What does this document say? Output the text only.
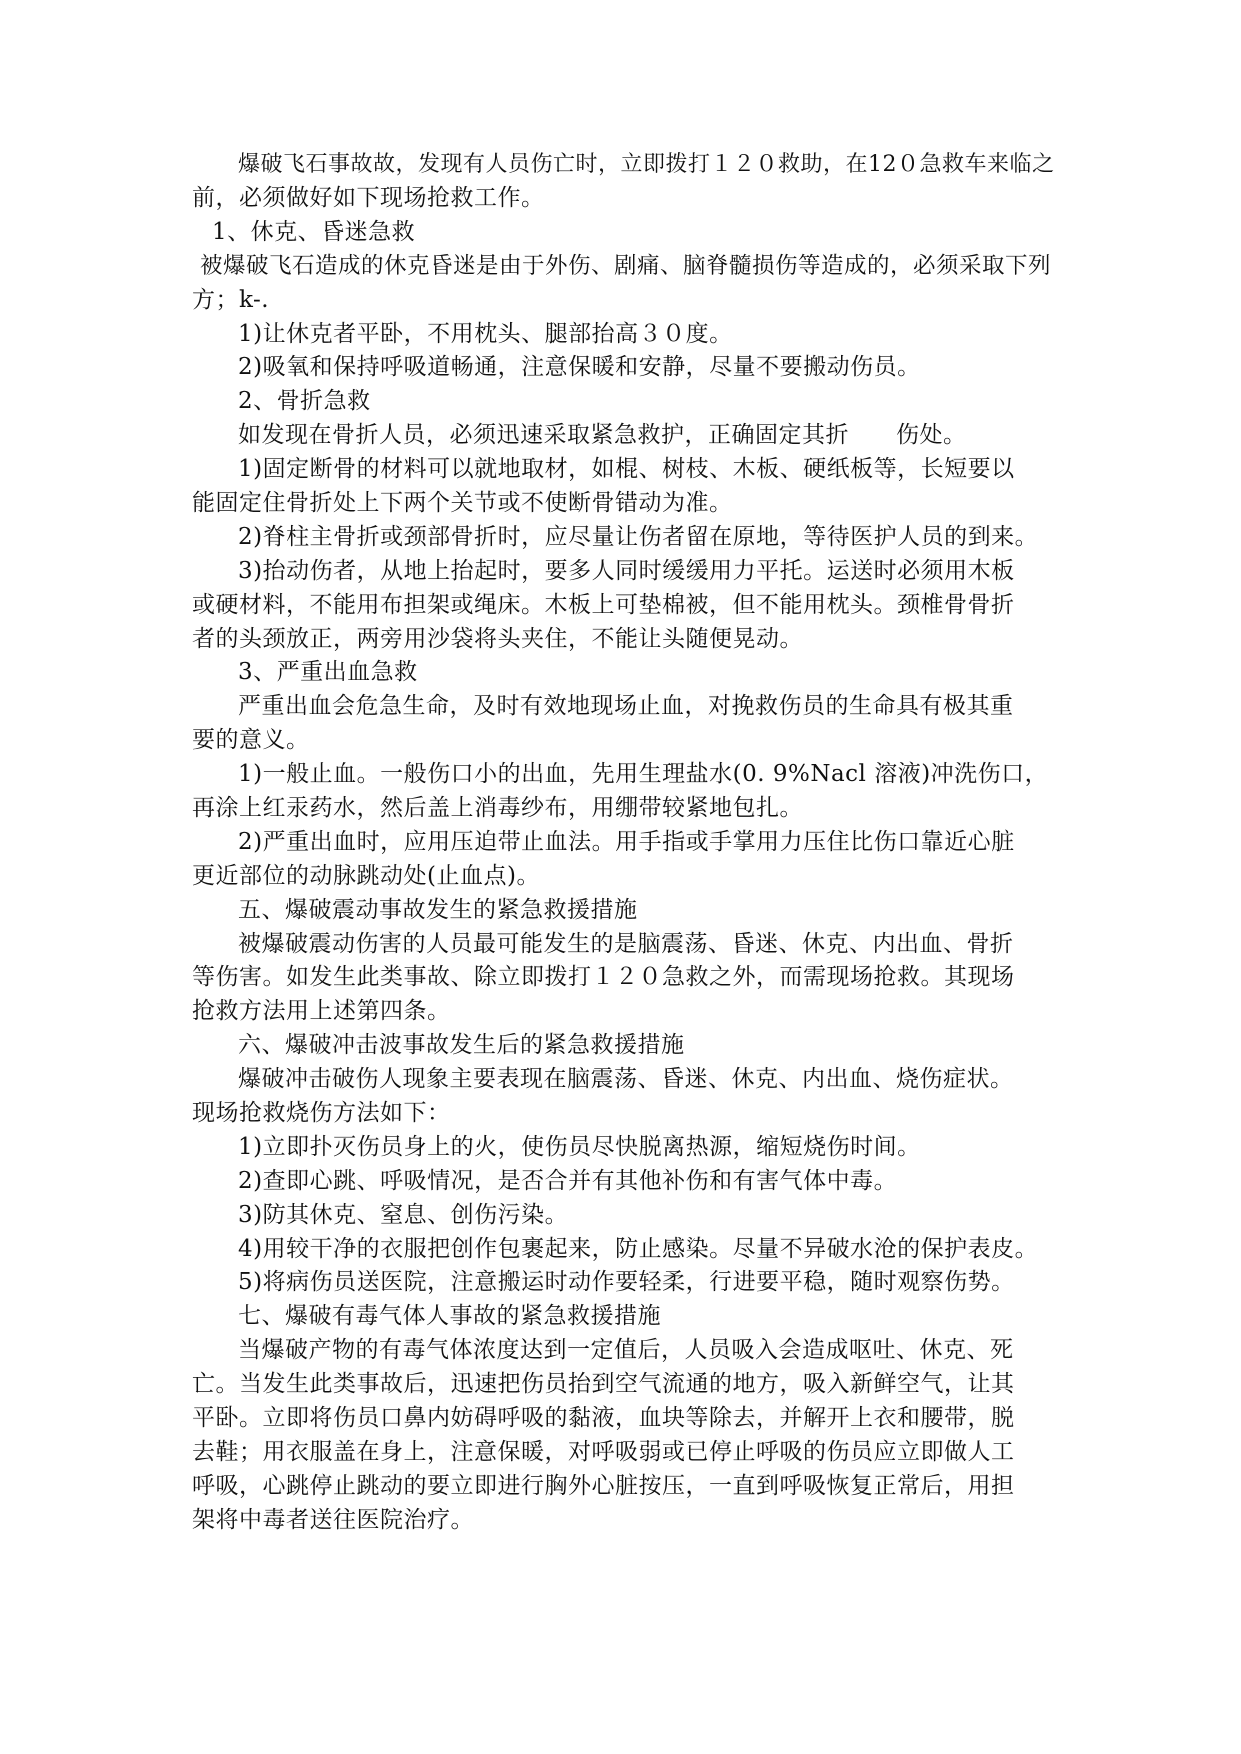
爆破飞石事故故，发现有人员伤亡时，立即拨打１２０救助，在12０急救车来临之
前，必须做好如下现场抢救工作。
1、休克、昏迷急救
被爆破飞石造成的休克昏迷是由于外伤、剧痛、脑脊髓损伤等造成的，必须采取下列
方；k-.
1)让休克者平卧，不用枕头、腿部抬高３０度。
2)吸氧和保持呼吸道畅通，注意保暖和安静，尽量不要搬动伤员。
2、骨折急救
如发现在骨折人员，必须迅速采取紧急救护，正确固定其折　　伤处。
1)固定断骨的材料可以就地取材，如棍、树枝、木板、硬纸板等，长短要以
能固定住骨折处上下两个关节或不使断骨错动为准。
2)脊柱主骨折或颈部骨折时，应尽量让伤者留在原地，等待医护人员的到来。
3)抬动伤者，从地上抬起时，要多人同时缓缓用力平托。运送时必须用木板
或硬材料，不能用布担架或绳床。木板上可垫棉被，但不能用枕头。颈椎骨骨折
者的头颈放正，两旁用沙袋将头夹住，不能让头随便晃动。
3、严重出血急救
严重出血会危急生命，及时有效地现场止血，对挽救伤员的生命具有极其重
要的意义。
1)一般止血。一般伤口小的出血，先用生理盐水(0. 9%Nacl 溶液)冲洗伤口，
再涂上红汞药水，然后盖上消毒纱布，用绷带较紧地包扎。
2)严重出血时，应用压迫带止血法。用手指或手掌用力压住比伤口靠近心脏
更近部位的动脉跳动处(止血点)。
五、爆破震动事故发生的紧急救援措施
被爆破震动伤害的人员最可能发生的是脑震荡、昏迷、休克、内出血、骨折
等伤害。如发生此类事故、除立即拨打１２０急救之外，而需现场抢救。其现场
抢救方法用上述第四条。
六、爆破冲击波事故发生后的紧急救援措施
爆破冲击破伤人现象主要表现在脑震荡、昏迷、休克、内出血、烧伤症状。
现场抢救烧伤方法如下：
1)立即扑灭伤员身上的火，使伤员尽快脱离热源，缩短烧伤时间。
2)查即心跳、呼吸情况，是否合并有其他补伤和有害气体中毒。
3)防其休克、窒息、创伤污染。
4)用较干净的衣服把创作包裹起来，防止感染。尽量不异破水沧的保护表皮。
5)将病伤员送医院，注意搬运时动作要轻柔，行进要平稳，随时观察伤势。
七、爆破有毒气体人事故的紧急救援措施
当爆破产物的有毒气体浓度达到一定值后，人员吸入会造成呕吐、休克、死
亡。当发生此类事故后，迅速把伤员抬到空气流通的地方，吸入新鲜空气，让其
平卧。立即将伤员口鼻内妨碍呼吸的黏液，血块等除去，并解开上衣和腰带，脱
去鞋；用衣服盖在身上，注意保暖，对呼吸弱或已停止呼吸的伤员应立即做人工
呼吸，心跳停止跳动的要立即进行胸外心脏按压，一直到呼吸恢复正常后，用担
架将中毒者送往医院治疗。
